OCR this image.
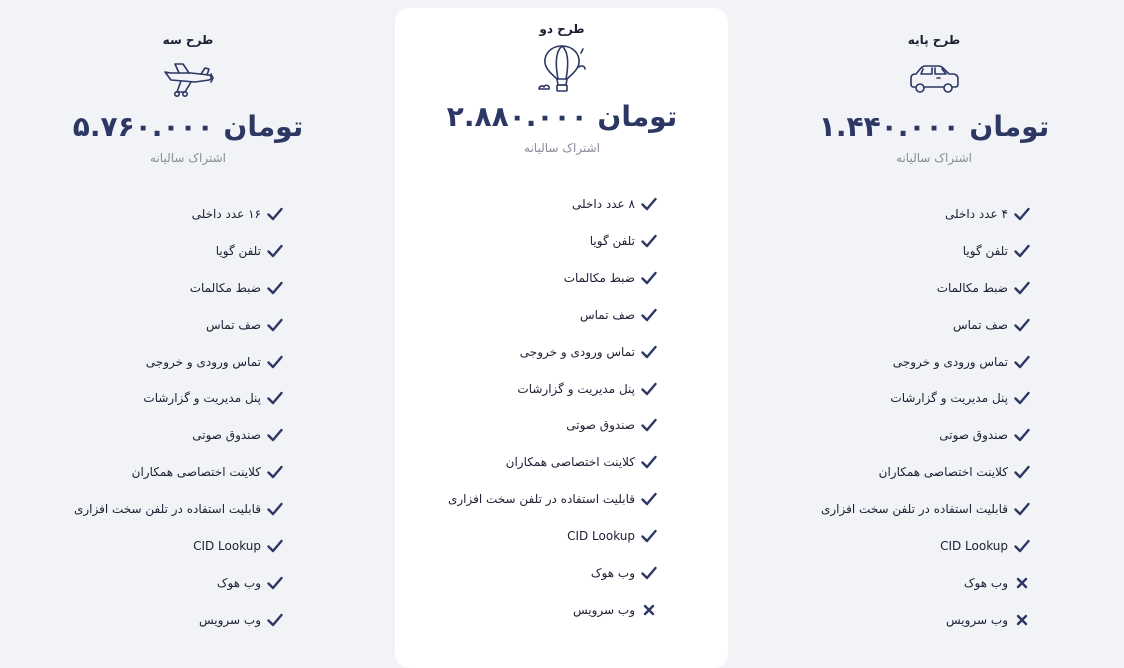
طرح سه
۵.۷۶۰.۰۰۰ تومان
اشتراک سالیانه
۱۶ عدد داخلی
تلفن گویا
ضبط مکالمات
صف تماس
تماس ورودی و خروجی
پنل مدیریت و گزارشات
صندوق صوتی
کلاینت اختصاصی همکاران
قابلیت استفاده در تلفن سخت افزاری
CID Lookup
وب هوک
وب سرویس
طرح دو
۲.۸۸۰.۰۰۰ تومان
اشتراک سالیانه
۸ عدد داخلی
تلفن گویا
ضبط مکالمات
صف تماس
تماس ورودی و خروجی
پنل مدیریت و گزارشات
صندوق صوتی
کلاینت اختصاصی همکاران
قابلیت استفاده در تلفن سخت افزاری
CID Lookup
وب هوک
وب سرویس
طرح پایه
۱.۴۴۰.۰۰۰ تومان
اشتراک سالیانه
۴ عدد داخلی
تلفن گویا
ضبط مکالمات
صف تماس
تماس ورودی و خروجی
پنل مدیریت و گزارشات
صندوق صوتی
کلاینت اختصاصی همکاران
قابلیت استفاده در تلفن سخت افزاری
CID Lookup
وب هوک
وب سرویس
